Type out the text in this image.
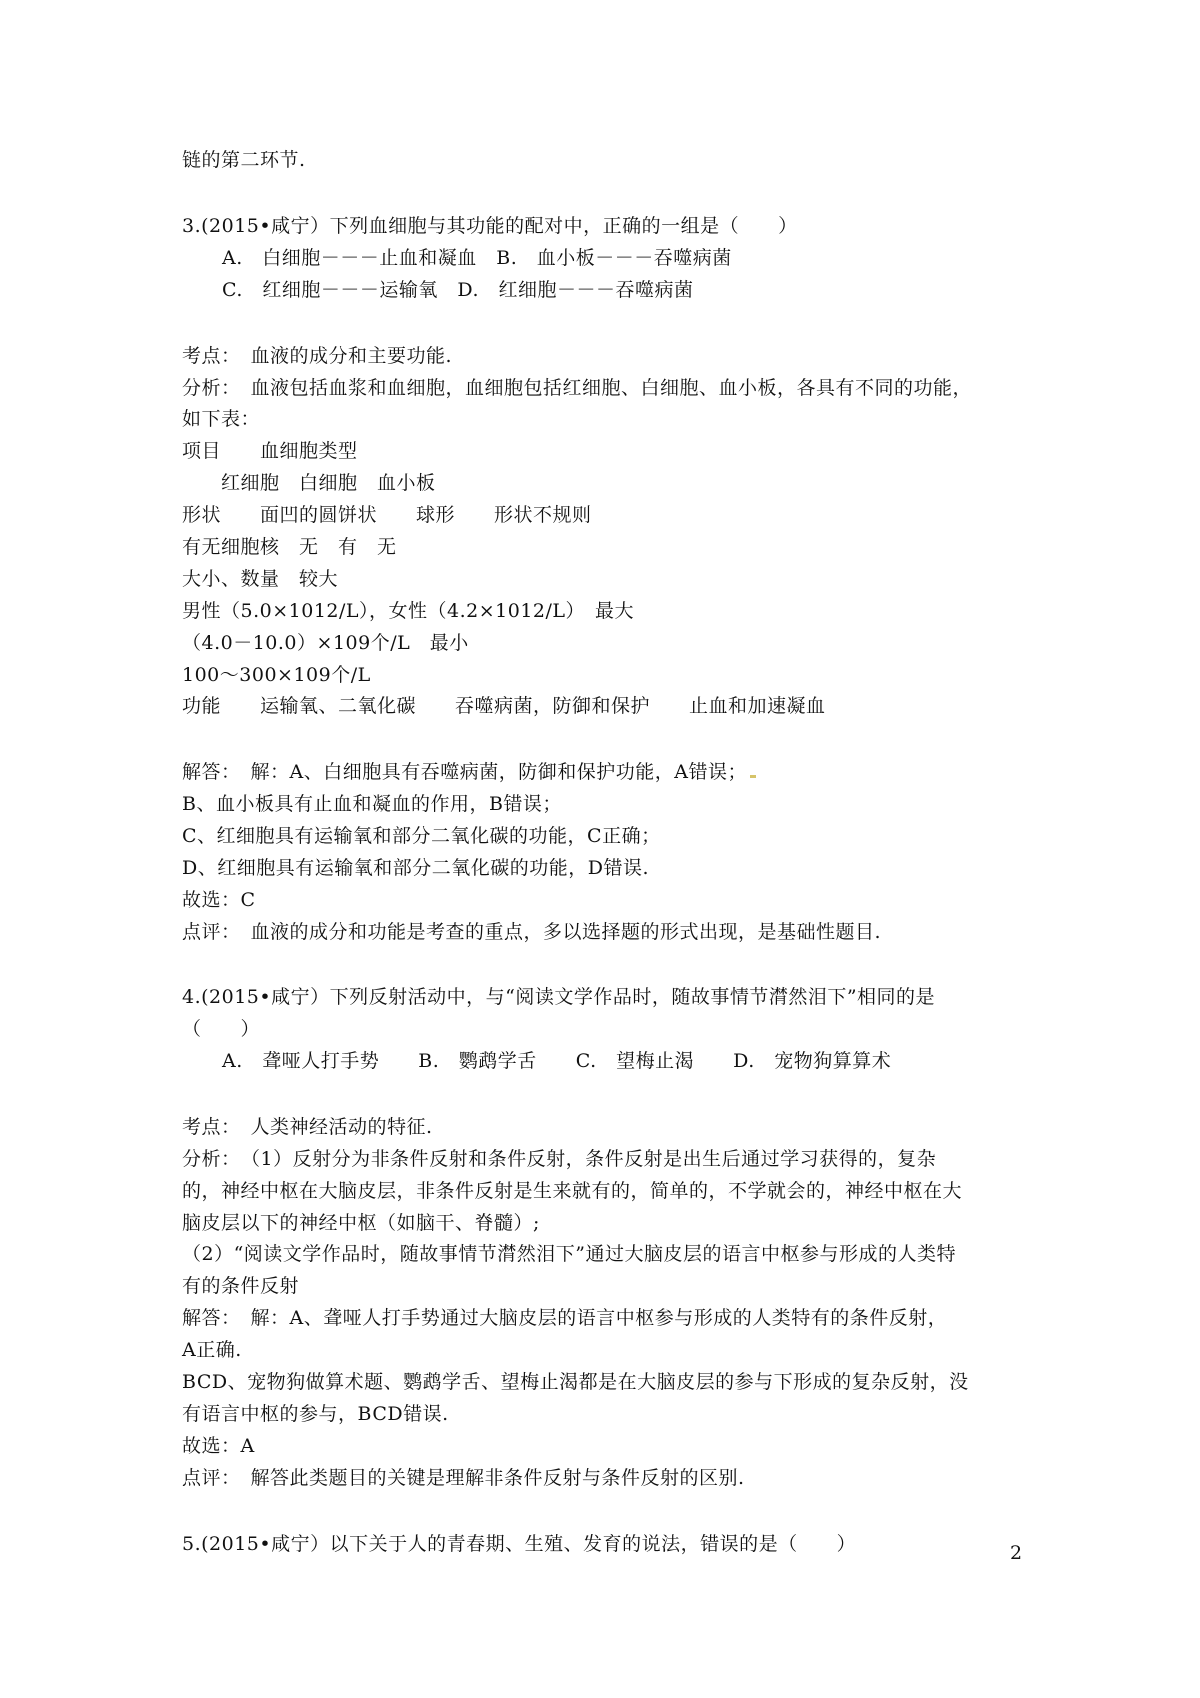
链的第二环节.
3.(2015•咸宁）下列血细胞与其功能的配对中，正确的一组是（　　）
A.　白细胞－－－止血和凝血　B.　血小板－－－吞噬病菌
C.　红细胞－－－运输氧　D.　红细胞－－－吞噬病菌
考点：　血液的成分和主要功能.
分析：　血液包括血浆和血细胞，血细胞包括红细胞、白细胞、血小板，各具有不同的功能，
如下表：
项目　　血细胞类型
　　红细胞　白细胞　血小板
形状　　面凹的圆饼状　　球形　　形状不规则
有无细胞核　无　有　无
大小、数量　较大
男性（5.0×1012/L），女性（4.2×1012/L）　最大
（4.0－10.0）×109个/L　最小
100～300×109个/L
功能　　运输氧、二氧化碳　　吞噬病菌，防御和保护　　止血和加速凝血
解答：　解：A、白细胞具有吞噬病菌，防御和保护功能，A错误；
B、血小板具有止血和凝血的作用，B错误；
C、红细胞具有运输氧和部分二氧化碳的功能，C正确；
D、红细胞具有运输氧和部分二氧化碳的功能，D错误.
故选：C
点评：　血液的成分和功能是考查的重点，多以选择题的形式出现，是基础性题目.
4.(2015•咸宁）下列反射活动中，与“阅读文学作品时，随故事情节潸然泪下”相同的是
（　　）
A.　聋哑人打手势　　B.　鹦鹉学舌　　C.　望梅止渴　　D.　宠物狗算算术
考点：　人类神经活动的特征.
分析：　（1）反射分为非条件反射和条件反射，条件反射是出生后通过学习获得的，复杂
的，神经中枢在大脑皮层，非条件反射是生来就有的，简单的，不学就会的，神经中枢在大
脑皮层以下的神经中枢（如脑干、脊髓）;
（2）“阅读文学作品时，随故事情节潸然泪下”通过大脑皮层的语言中枢参与形成的人类特
有的条件反射
解答：　解：A、聋哑人打手势通过大脑皮层的语言中枢参与形成的人类特有的条件反射，
A正确.
BCD、宠物狗做算术题、鹦鹉学舌、望梅止渴都是在大脑皮层的参与下形成的复杂反射，没
有语言中枢的参与，BCD错误.
故选：A
点评：　解答此类题目的关键是理解非条件反射与条件反射的区别.
5.(2015•咸宁）以下关于人的青春期、生殖、发育的说法，错误的是（　　）	2
